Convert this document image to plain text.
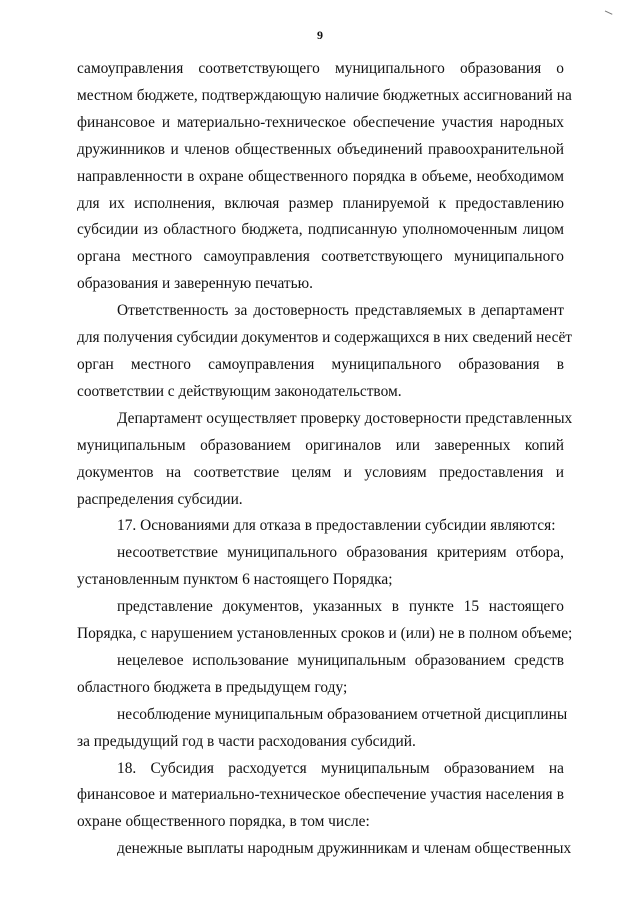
9
самоуправления соответствующего муниципального образования о
местном бюджете, подтверждающую наличие бюджетных ассигнований на
финансовое и материально-техническое обеспечение участия народных
дружинников и членов общественных объединений правоохранительной
направленности в охране общественного порядка в объеме, необходимом
для их исполнения, включая размер планируемой к предоставлению
субсидии из областного бюджета, подписанную уполномоченным лицом
органа местного самоуправления соответствующего муниципального
образования и заверенную печатью.
Ответственность за достоверность представляемых в департамент
для получения субсидии документов и содержащихся в них сведений несёт
орган местного самоуправления муниципального образования в
соответствии с действующим законодательством.
Департамент осуществляет проверку достоверности представленных
муниципальным образованием оригиналов или заверенных копий
документов на соответствие целям и условиям предоставления и
распределения субсидии.
17. Основаниями для отказа в предоставлении субсидии являются:
несоответствие муниципального образования критериям отбора,
установленным пунктом 6 настоящего Порядка;
представление документов, указанных в пункте 15 настоящего
Порядка, с нарушением установленных сроков и (или) не в полном объеме;
нецелевое использование муниципальным образованием средств
областного бюджета в предыдущем году;
несоблюдение муниципальным образованием отчетной дисциплины
за предыдущий год в части расходования субсидий.
18. Субсидия расходуется муниципальным образованием на
финансовое и материально-техническое обеспечение участия населения в
охране общественного порядка, в том числе:
денежные выплаты народным дружинникам и членам общественных
